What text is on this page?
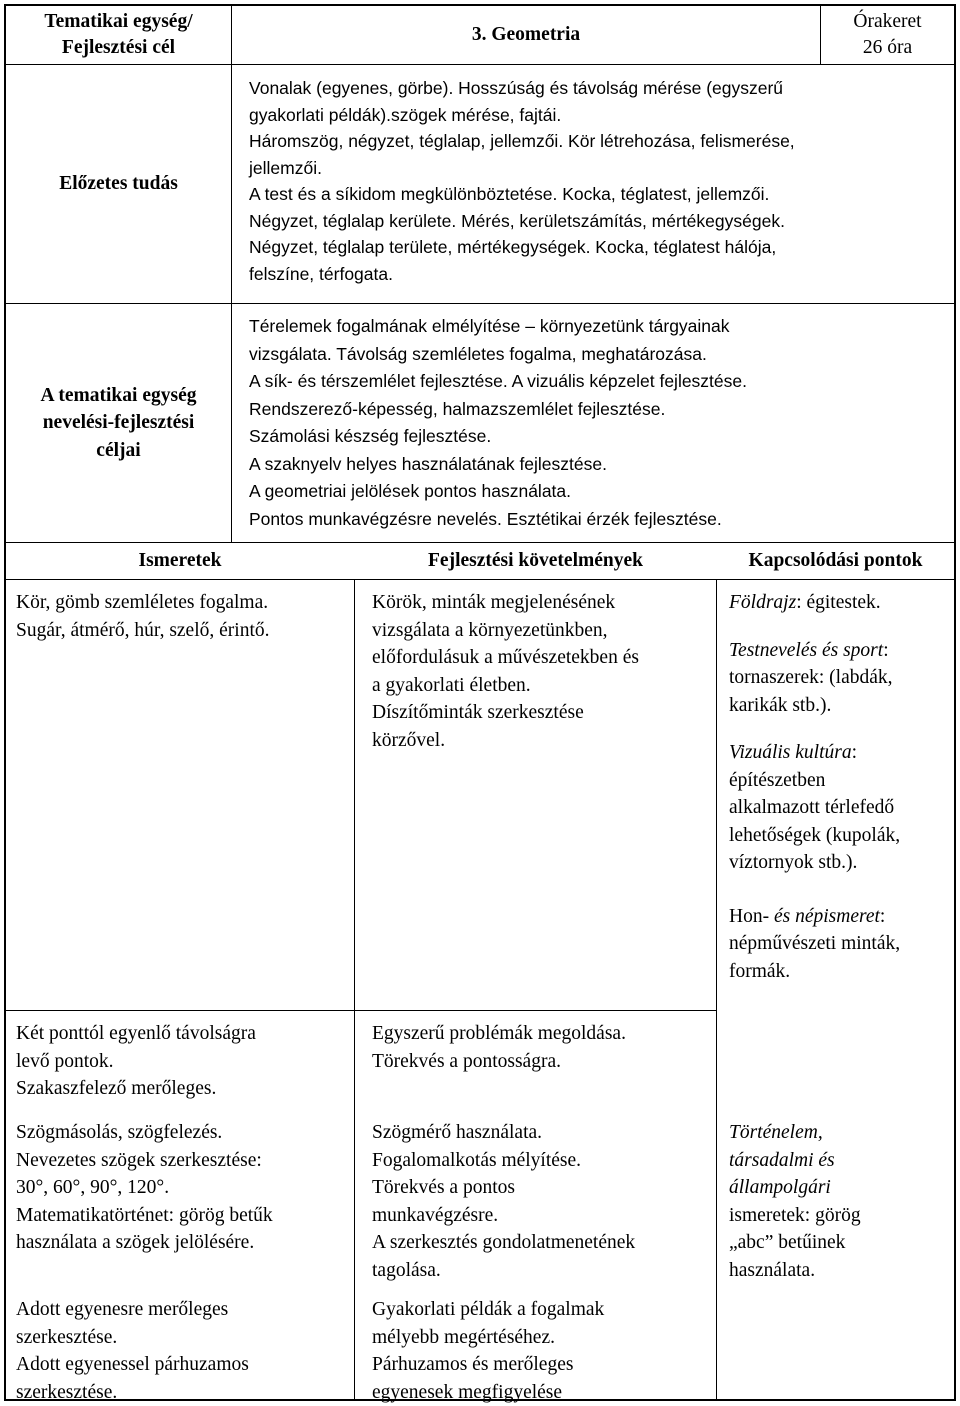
Tematikai egység/
Fejlesztési cél
3. Geometria
Órakeret
26 óra
Előzetes tudás
Vonalak (egyenes, görbe). Hosszúság és távolság mérése (egyszerű
gyakorlati példák).szögek mérése, fajtái.
Háromszög, négyzet, téglalap, jellemzői. Kör létrehozása, felismerése,
jellemzői.
A test és a síkidom megkülönböztetése. Kocka, téglatest, jellemzői.
Négyzet, téglalap kerülete. Mérés, kerületszámítás, mértékegységek.
Négyzet, téglalap területe, mértékegységek. Kocka, téglatest hálója,
felszíne, térfogata.
A tematikai egység
nevelési-fejlesztési
céljai
Térelemek fogalmának elmélyítése – környezetünk tárgyainak
vizsgálata. Távolság szemléletes fogalma, meghatározása.
A sík- és térszemlélet fejlesztése. A vizuális képzelet fejlesztése.
Rendszerező-képesség, halmazszemlélet fejlesztése.
Számolási készség fejlesztése.
A szaknyelv helyes használatának fejlesztése.
A geometriai jelölések pontos használata.
Pontos munkavégzésre nevelés. Esztétikai érzék fejlesztése.
Ismeretek	Fejlesztési követelmények	Kapcsolódási pontok
Kör, gömb szemléletes fogalma.
Sugár, átmérő, húr, szelő, érintő.
Körök, minták megjelenésének
vizsgálata a környezetünkben,
előfordulásuk a művészetekben és
a gyakorlati életben.
Díszítőminták szerkesztése
körzővel.
Földrajz: égitestek.
Testnevelés és sport:
tornaszerek: (labdák,
karikák stb.).
Vizuális kultúra:
építészetben
alkalmazott térlefedő
lehetőségek (kupolák,
víztornyok stb.).
Hon- és népismeret:
népművészeti minták,
formák.
Két ponttól egyenlő távolságra
levő pontok.
Szakaszfelező merőleges.
Egyszerű problémák megoldása.
Törekvés a pontosságra.
Szögmásolás, szögfelezés.
Nevezetes szögek szerkesztése:
30°, 60°, 90°, 120°.
Matematikatörténet: görög betűk
használata a szögek jelölésére.
Szögmérő használata.
Fogalomalkotás mélyítése.
Törekvés a pontos
munkavégzésre.
A szerkesztés gondolatmenetének
tagolása.
Történelem,
társadalmi és
állampolgári
ismeretek: görög
„abc” betűinek
használata.
Adott egyenesre merőleges
szerkesztése.
Adott egyenessel párhuzamos
szerkesztése.
Gyakorlati példák a fogalmak
mélyebb megértéséhez.
Párhuzamos és merőleges
egyenesek megfigyelése
